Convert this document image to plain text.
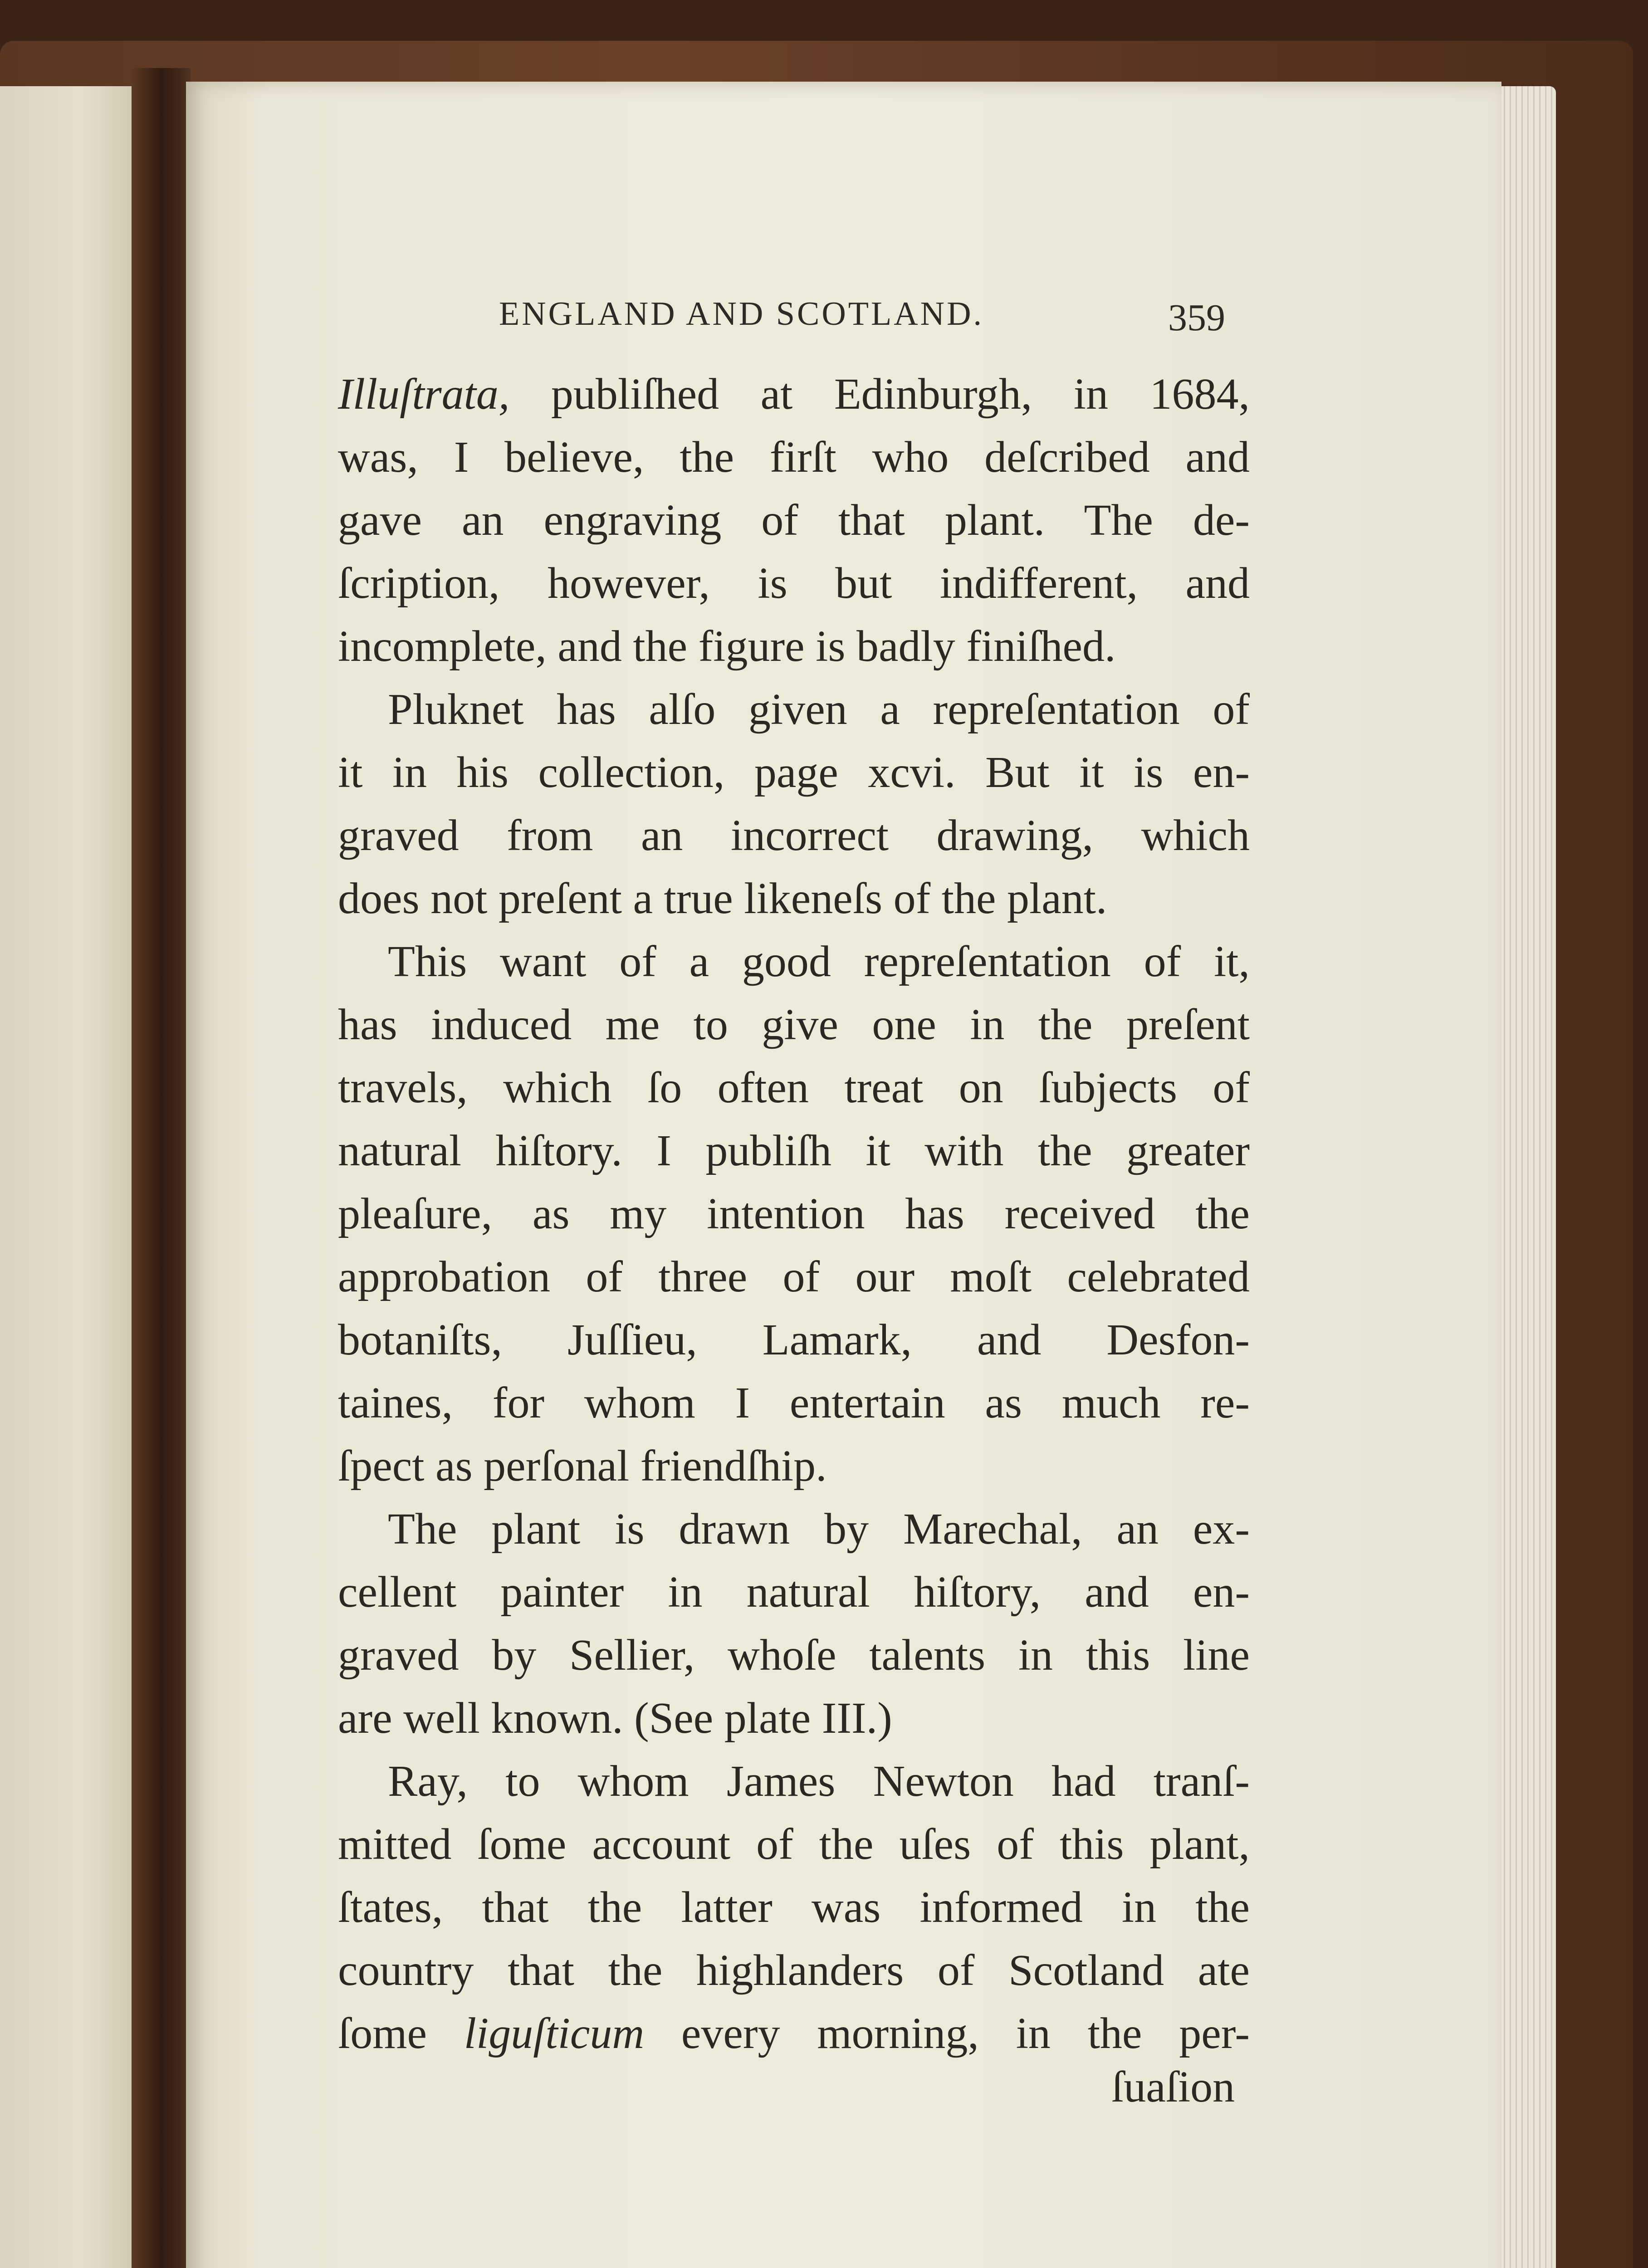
ENGLAND AND SCOTLAND.	359
Illuſtrata, publiſhed at Edinburgh, in 1684,
was, I believe, the firſt who deſcribed and
gave an engraving of that plant. The de-
ſcription, however, is but indifferent, and
incomplete, and the figure is badly finiſhed.
Pluknet has alſo given a repreſentation of
it in his collection, page xcvi. But it is en-
graved from an incorrect drawing, which
does not preſent a true likeneſs of the plant.
This want of a good repreſentation of it,
has induced me to give one in the preſent
travels, which ſo often treat on ſubjects of
natural hiſtory. I publiſh it with the greater
pleaſure, as my intention has received the
approbation of three of our moſt celebrated
botaniſts, Juſſieu, Lamark, and Desfon-
taines, for whom I entertain as much re-
ſpect as perſonal friendſhip.
The plant is drawn by Marechal, an ex-
cellent painter in natural hiſtory, and en-
graved by Sellier, whoſe talents in this line
are well known. (See plate III.)
Ray, to whom James Newton had tranſ-
mitted ſome account of the uſes of this plant,
ſtates, that the latter was informed in the
country that the highlanders of Scotland ate
ſome liguſticum every morning, in the per-
ſuaſion
